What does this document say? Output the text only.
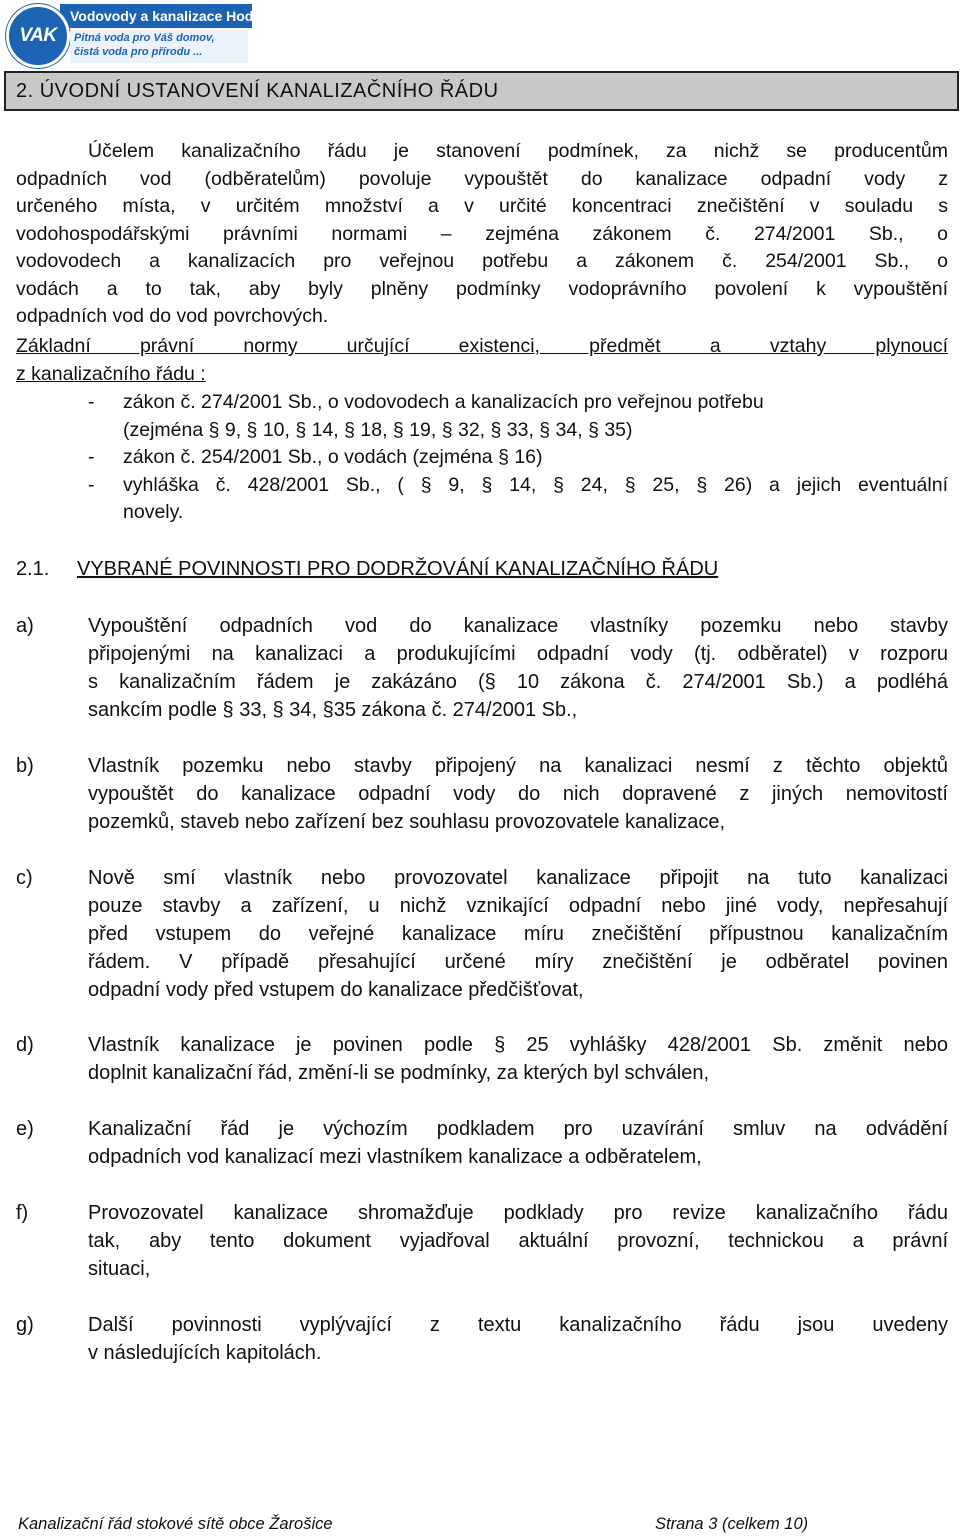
Vodovody a kanalizace Hodonín, a.s.
VAK	Pitná voda pro Váš domov,
čistá voda pro přírodu ...
2. ÚVODNÍ USTANOVENÍ KANALIZAČNÍHO ŘÁDU
Účelem kanalizačního řádu je stanovení podmínek, za nichž se producentům
odpadních vod (odběratelům) povoluje vypouštět do kanalizace odpadní vody z
určeného místa, v určitém množství a v určité koncentraci znečištění v souladu s
vodohospodářskými právními normami – zejména zákonem č. 274/2001 Sb., o
vodovodech a kanalizacích pro veřejnou potřebu a zákonem č. 254/2001 Sb., o
vodách a to tak, aby byly plněny podmínky vodoprávního povolení k vypouštění
odpadních vod do vod povrchových.
Základní právní normy určující existenci, předmět a vztahy plynoucí
z kanalizačního řádu :
- zákon č. 274/2001 Sb., o vodovodech a kanalizacích pro veřejnou potřebu
(zejména § 9, § 10, § 14, § 18, § 19, § 32, § 33, § 34, § 35)
- zákon č. 254/2001 Sb., o vodách (zejména § 16)
- vyhláška č. 428/2001 Sb., ( § 9, § 14, § 24, § 25, § 26) a jejich eventuální
novely.
2.1. VYBRANÉ POVINNOSTI PRO DODRŽOVÁNÍ KANALIZAČNÍHO ŘÁDU
a)	Vypouštění odpadních vod do kanalizace vlastníky pozemku nebo stavby
připojenými na kanalizaci a produkujícími odpadní vody (tj. odběratel) v rozporu
s kanalizačním řádem je zakázáno (§ 10 zákona č. 274/2001 Sb.) a podléhá
sankcím podle § 33, § 34, §35 zákona č. 274/2001 Sb.,
b)	Vlastník pozemku nebo stavby připojený na kanalizaci nesmí z těchto objektů
vypouštět do kanalizace odpadní vody do nich dopravené z jiných nemovitostí
pozemků, staveb nebo zařízení bez souhlasu provozovatele kanalizace,
c)	Nově smí vlastník nebo provozovatel kanalizace připojit na tuto kanalizaci
pouze stavby a zařízení, u nichž vznikající odpadní nebo jiné vody, nepřesahují
před vstupem do veřejné kanalizace míru znečištění přípustnou kanalizačním
řádem. V případě přesahující určené míry znečištění je odběratel povinen
odpadní vody před vstupem do kanalizace předčišťovat,
d)	Vlastník kanalizace je povinen podle § 25 vyhlášky 428/2001 Sb. změnit nebo
doplnit kanalizační řád, změní-li se podmínky, za kterých byl schválen,
e)	Kanalizační řád je výchozím podkladem pro uzavírání smluv na odvádění
odpadních vod kanalizací mezi vlastníkem kanalizace a odběratelem,
f)	Provozovatel kanalizace shromažďuje podklady pro revize kanalizačního řádu
tak, aby tento dokument vyjadřoval aktuální provozní, technickou a právní
situaci,
g)	Další povinnosti vyplývající z textu kanalizačního řádu jsou uvedeny
v následujících kapitolách.
Kanalizační řád stokové sítě obce Žarošice	Strana 3 (celkem 10)
